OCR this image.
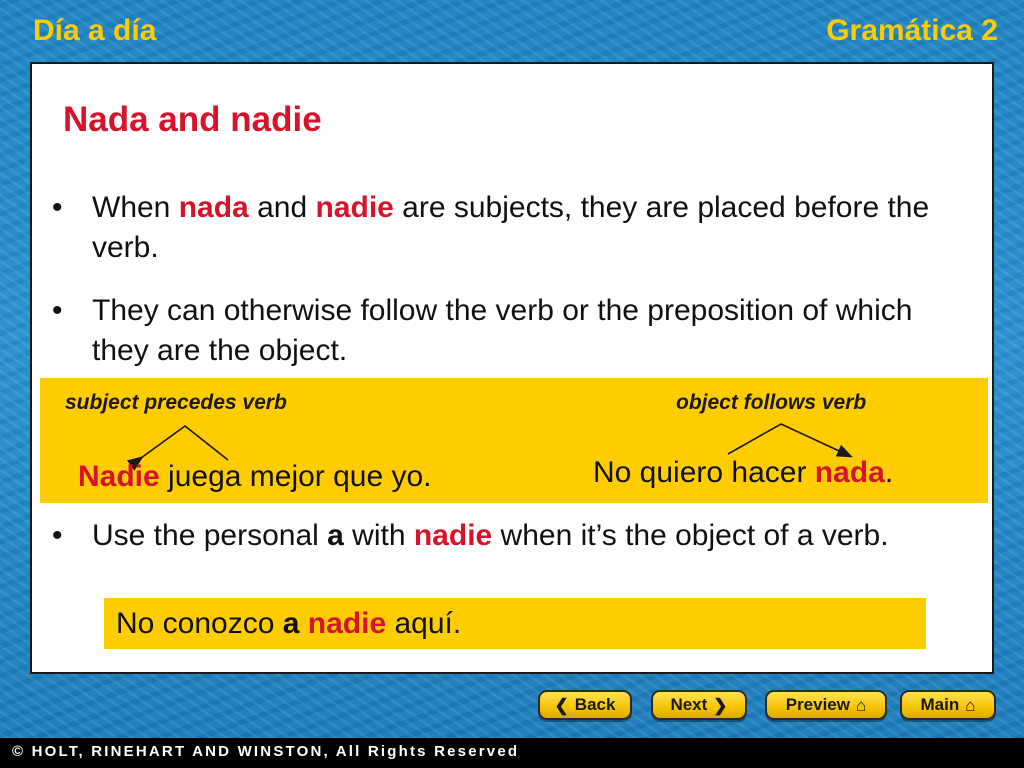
Día a día	Gramática 2
Nada and nadie
• When nada and nadie are subjects, they are placed before the verb.
• They can otherwise follow the verb or the preposition of which they are the object.
subject precedes verb	object follows verb
Nadie juega mejor que yo.	No quiero hacer nada.
• Use the personal a with nadie when it’s the object of a verb.
No conozco a nadie aquí.
❮ Back	Next ❯	Preview ⌂	Main ⌂
© HOLT, RINEHART AND WINSTON, All Rights Reserved
